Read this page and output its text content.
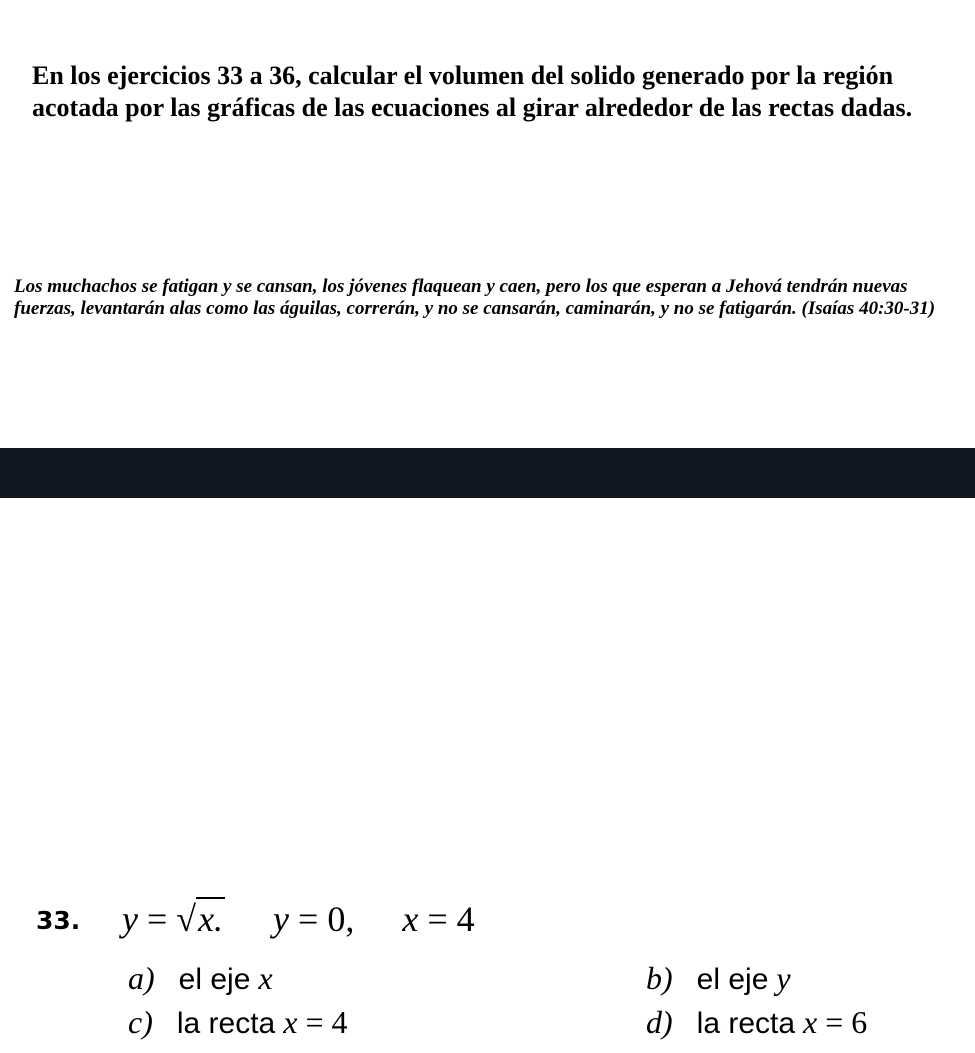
En los ejercicios 33 a 36, calcular el volumen del solido generado por la región acotada por las gráficas de las ecuaciones al girar alrededor de las rectas dadas.

Los muchachos se fatigan y se cansan, los jóvenes flaquean y caen, pero los que esperan a Jehová tendrán nuevas fuerzas, levantarán alas como las águilas, correrán, y no se cansarán, caminarán, y no se fatigarán. (Isaías 40:30-31)

33. y = √x. y = 0, x = 4
a) el eje x	b) el eje y
c) la recta x = 4	d) la recta x = 6
